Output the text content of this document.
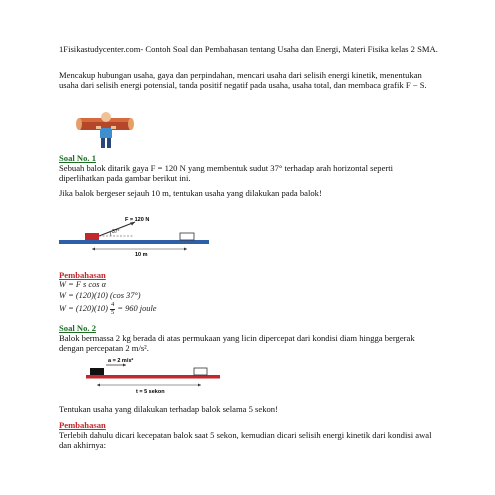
1Fisikastudycenter.com- Contoh Soal dan Pembahasan tentang Usaha dan Energi, Materi Fisika kelas 2 SMA.

Mencakup hubungan usaha, gaya dan perpindahan, mencari usaha dari selisih energi kinetik, menentukan usaha dari selisih energi potensial, tanda positif negatif pada usaha, usaha total, dan membaca grafik F − S.

Soal No. 1

Sebuah balok ditarik gaya F = 120 N yang membentuk sudut 37° terhadap arah horizontal seperti diperlihatkan pada gambar berikut ini.

Jika balok bergeser sejauh 10 m, tentukan usaha yang dilakukan pada balok!

F = 120 N
37°
10 m

Pembahasan

W = F s cos α
W = (120)(10) (cos 37°)
$W = (120)(10) \frac{4}{5} = 960$ joule

Soal No. 2

Balok bermassa 2 kg berada di atas permukaan yang licin dipercepat dari kondisi diam hingga bergerak dengan percepatan 2 m/s².

a = 2 m/s²
t = 5 sekon

Tentukan usaha yang dilakukan terhadap balok selama 5 sekon!

Pembahasan

Terlebih dahulu dicari kecepatan balok saat 5 sekon, kemudian dicari selisih energi kinetik dari kondisi awal dan akhirnya:
